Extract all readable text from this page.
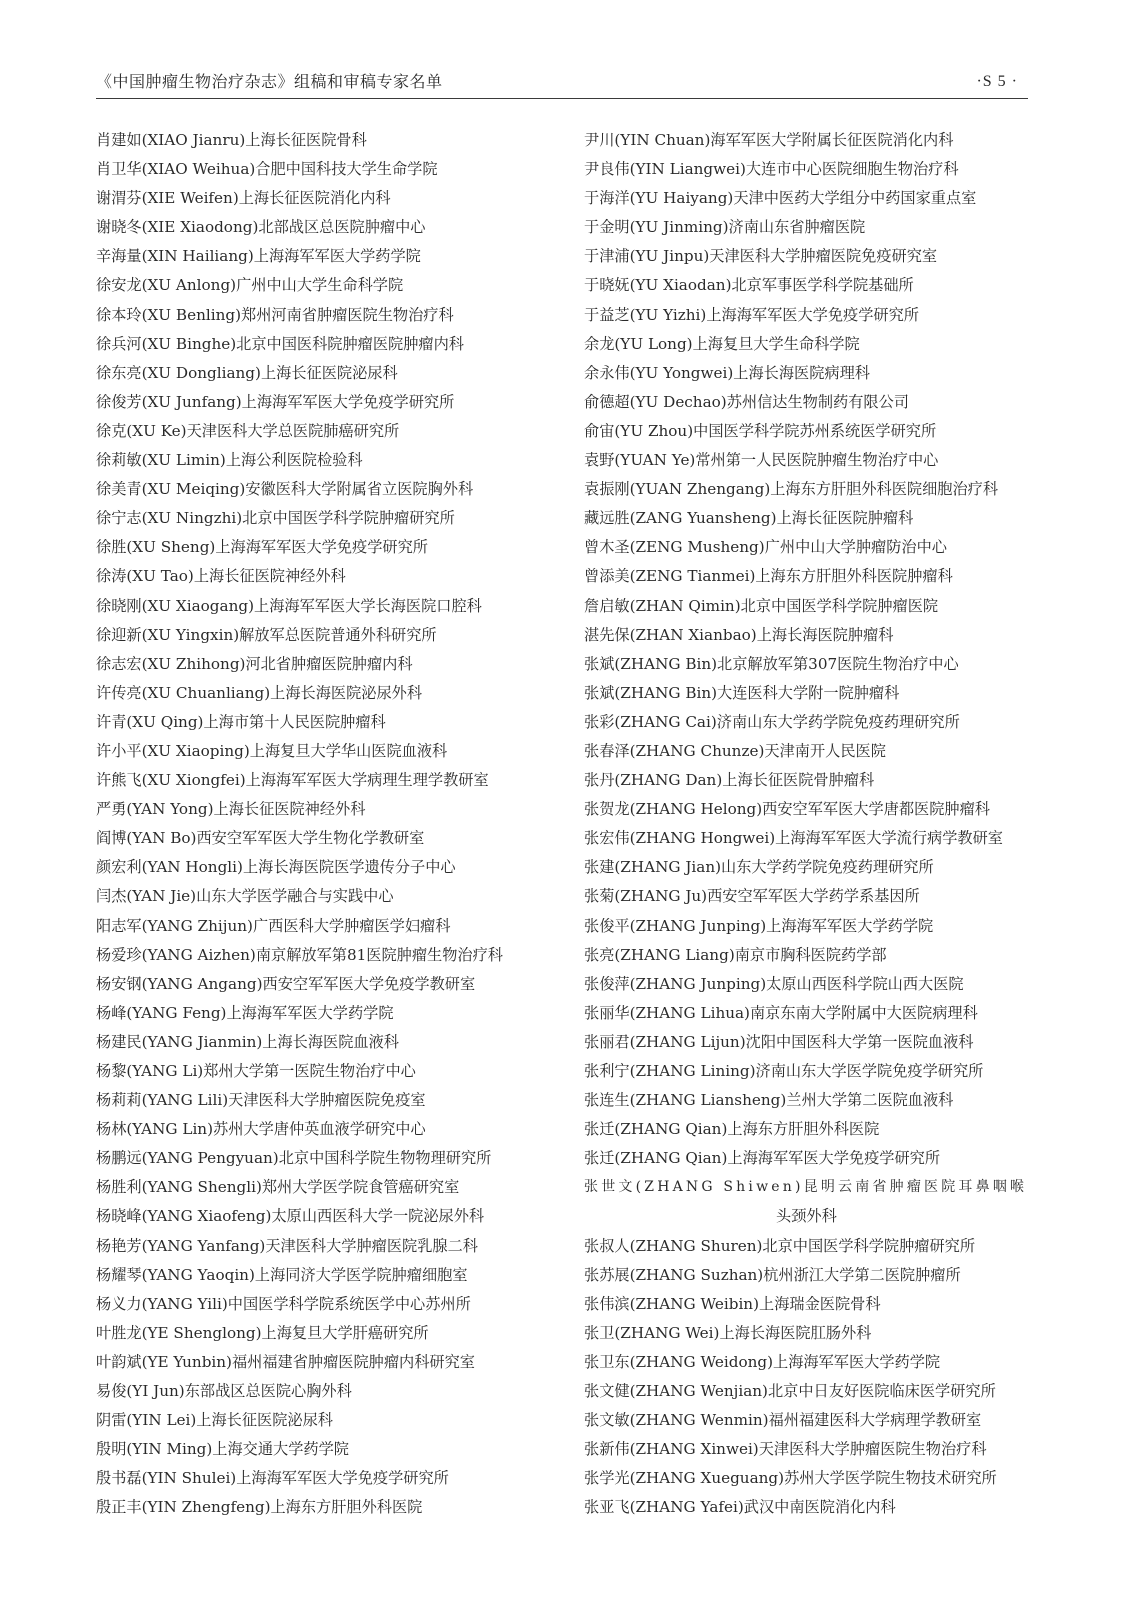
《中国肿瘤生物治疗杂志》组稿和审稿专家名单	·S 5 ·
肖建如(XIAO Jianru)上海长征医院骨科
肖卫华(XIAO Weihua)合肥中国科技大学生命学院
谢渭芬(XIE Weifen)上海长征医院消化内科
谢晓冬(XIE Xiaodong)北部战区总医院肿瘤中心
辛海量(XIN Hailiang)上海海军军医大学药学院
徐安龙(XU Anlong)广州中山大学生命科学院
徐本玲(XU Benling)郑州河南省肿瘤医院生物治疗科
徐兵河(XU Binghe)北京中国医科院肿瘤医院肿瘤内科
徐东亮(XU Dongliang)上海长征医院泌尿科
徐俊芳(XU Junfang)上海海军军医大学免疫学研究所
徐克(XU Ke)天津医科大学总医院肺癌研究所
徐莉敏(XU Limin)上海公利医院检验科
徐美青(XU Meiqing)安徽医科大学附属省立医院胸外科
徐宁志(XU Ningzhi)北京中国医学科学院肿瘤研究所
徐胜(XU Sheng)上海海军军医大学免疫学研究所
徐涛(XU Tao)上海长征医院神经外科
徐晓刚(XU Xiaogang)上海海军军医大学长海医院口腔科
徐迎新(XU Yingxin)解放军总医院普通外科研究所
徐志宏(XU Zhihong)河北省肿瘤医院肿瘤内科
许传亮(XU Chuanliang)上海长海医院泌尿外科
许青(XU Qing)上海市第十人民医院肿瘤科
许小平(XU Xiaoping)上海复旦大学华山医院血液科
许熊飞(XU Xiongfei)上海海军军医大学病理生理学教研室
严勇(YAN Yong)上海长征医院神经外科
阎博(YAN Bo)西安空军军医大学生物化学教研室
颜宏利(YAN Hongli)上海长海医院医学遗传分子中心
闫杰(YAN Jie)山东大学医学融合与实践中心
阳志军(YANG Zhijun)广西医科大学肿瘤医学妇瘤科
杨爱珍(YANG Aizhen)南京解放军第81医院肿瘤生物治疗科
杨安钢(YANG Angang)西安空军军医大学免疫学教研室
杨峰(YANG Feng)上海海军军医大学药学院
杨建民(YANG Jianmin)上海长海医院血液科
杨黎(YANG Li)郑州大学第一医院生物治疗中心
杨莉莉(YANG Lili)天津医科大学肿瘤医院免疫室
杨林(YANG Lin)苏州大学唐仲英血液学研究中心
杨鹏远(YANG Pengyuan)北京中国科学院生物物理研究所
杨胜利(YANG Shengli)郑州大学医学院食管癌研究室
杨晓峰(YANG Xiaofeng)太原山西医科大学一院泌尿外科
杨艳芳(YANG Yanfang)天津医科大学肿瘤医院乳腺二科
杨耀琴(YANG Yaoqin)上海同济大学医学院肿瘤细胞室
杨义力(YANG Yili)中国医学科学院系统医学中心苏州所
叶胜龙(YE Shenglong)上海复旦大学肝癌研究所
叶韵斌(YE Yunbin)福州福建省肿瘤医院肿瘤内科研究室
易俊(YI Jun)东部战区总医院心胸外科
阴雷(YIN Lei)上海长征医院泌尿科
殷明(YIN Ming)上海交通大学药学院
殷书磊(YIN Shulei)上海海军军医大学免疫学研究所
殷正丰(YIN Zhengfeng)上海东方肝胆外科医院
尹川(YIN Chuan)海军军医大学附属长征医院消化内科
尹良伟(YIN Liangwei)大连市中心医院细胞生物治疗科
于海洋(YU Haiyang)天津中医药大学组分中药国家重点室
于金明(YU Jinming)济南山东省肿瘤医院
于津浦(YU Jinpu)天津医科大学肿瘤医院免疫研究室
于晓妩(YU Xiaodan)北京军事医学科学院基础所
于益芝(YU Yizhi)上海海军军医大学免疫学研究所
余龙(YU Long)上海复旦大学生命科学院
余永伟(YU Yongwei)上海长海医院病理科
俞德超(YU Dechao)苏州信达生物制药有限公司
俞宙(YU Zhou)中国医学科学院苏州系统医学研究所
袁野(YUAN Ye)常州第一人民医院肿瘤生物治疗中心
袁振刚(YUAN Zhengang)上海东方肝胆外科医院细胞治疗科
藏远胜(ZANG Yuansheng)上海长征医院肿瘤科
曾木圣(ZENG Musheng)广州中山大学肿瘤防治中心
曾添美(ZENG Tianmei)上海东方肝胆外科医院肿瘤科
詹启敏(ZHAN Qimin)北京中国医学科学院肿瘤医院
湛先保(ZHAN Xianbao)上海长海医院肿瘤科
张斌(ZHANG Bin)北京解放军第307医院生物治疗中心
张斌(ZHANG Bin)大连医科大学附一院肿瘤科
张彩(ZHANG Cai)济南山东大学药学院免疫药理研究所
张春泽(ZHANG Chunze)天津南开人民医院
张丹(ZHANG Dan)上海长征医院骨肿瘤科
张贺龙(ZHANG Helong)西安空军军医大学唐都医院肿瘤科
张宏伟(ZHANG Hongwei)上海海军军医大学流行病学教研室
张建(ZHANG Jian)山东大学药学院免疫药理研究所
张菊(ZHANG Ju)西安空军军医大学药学系基因所
张俊平(ZHANG Junping)上海海军军医大学药学院
张亮(ZHANG Liang)南京市胸科医院药学部
张俊萍(ZHANG Junping)太原山西医科学院山西大医院
张丽华(ZHANG Lihua)南京东南大学附属中大医院病理科
张丽君(ZHANG Lijun)沈阳中国医科大学第一医院血液科
张利宁(ZHANG Lining)济南山东大学医学院免疫学研究所
张连生(ZHANG Liansheng)兰州大学第二医院血液科
张迁(ZHANG Qian)上海东方肝胆外科医院
张迁(ZHANG Qian)上海海军军医大学免疫学研究所
张世文(ZHANG Shiwen)昆明云南省肿瘤医院耳鼻咽喉
头颈外科
张叔人(ZHANG Shuren)北京中国医学科学院肿瘤研究所
张苏展(ZHANG Suzhan)杭州浙江大学第二医院肿瘤所
张伟滨(ZHANG Weibin)上海瑞金医院骨科
张卫(ZHANG Wei)上海长海医院肛肠外科
张卫东(ZHANG Weidong)上海海军军医大学药学院
张文健(ZHANG Wenjian)北京中日友好医院临床医学研究所
张文敏(ZHANG Wenmin)福州福建医科大学病理学教研室
张新伟(ZHANG Xinwei)天津医科大学肿瘤医院生物治疗科
张学光(ZHANG Xueguang)苏州大学医学院生物技术研究所
张亚飞(ZHANG Yafei)武汉中南医院消化内科
